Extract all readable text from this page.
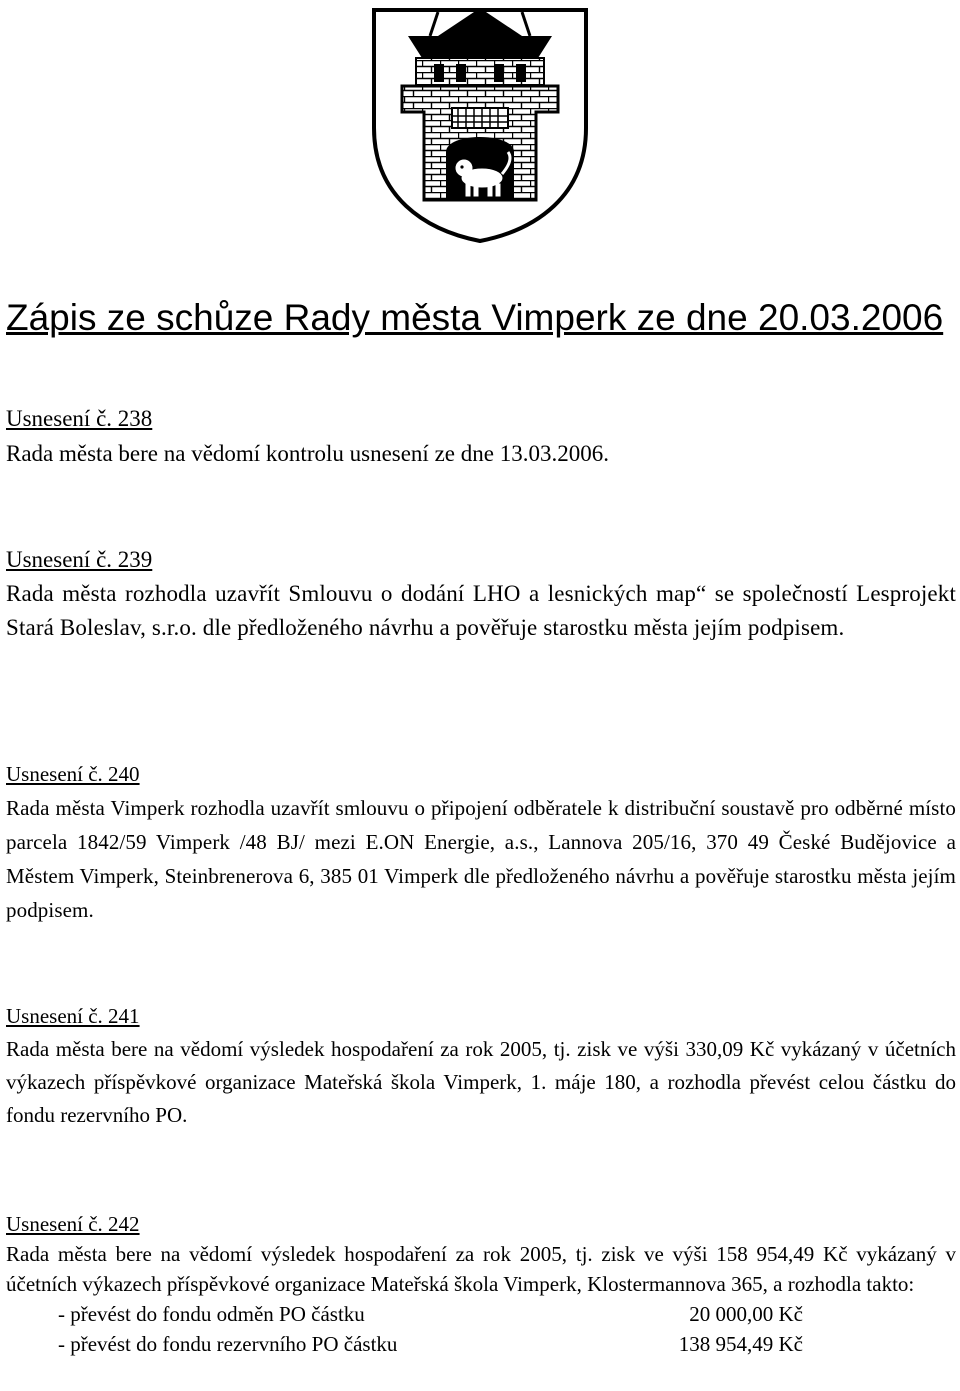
Zápis ze schůze Rady města Vimperk ze dne 20.03.2006
Usnesení č. 238
Rada města bere na vědomí kontrolu usnesení ze dne 13.03.2006.
Usnesení č. 239
Rada města rozhodla uzavřít Smlouvu o dodání LHO a lesnických map“ se společností Lesprojekt Stará Boleslav, s.r.o. dle předloženého návrhu a pověřuje starostku města jejím podpisem.
Usnesení č. 240
Rada města Vimperk rozhodla uzavřít smlouvu o připojení odběratele k distribuční soustavě pro odběrné místo parcela 1842/59 Vimperk /48 BJ/ mezi E.ON Energie, a.s., Lannova 205/16, 370 49 České Budějovice a Městem Vimperk, Steinbrenerova 6, 385 01 Vimperk dle předloženého návrhu a pověřuje starostku města jejím podpisem.
Usnesení č. 241
Rada města bere na vědomí výsledek hospodaření za rok 2005, tj. zisk ve výši 330,09 Kč vykázaný v účetních výkazech příspěvkové organizace Mateřská škola Vimperk, 1. máje 180, a rozhodla převést celou částku do fondu rezervního PO.
Usnesení č. 242
Rada města bere na vědomí výsledek hospodaření za rok 2005, tj. zisk ve výši 158 954,49 Kč vykázaný v účetních výkazech příspěvkové organizace Mateřská škola Vimperk, Klostermannova 365, a rozhodla takto:
- převést do fondu odměn PO částku	20 000,00 Kč
- převést do fondu rezervního PO částku	138 954,49 Kč
